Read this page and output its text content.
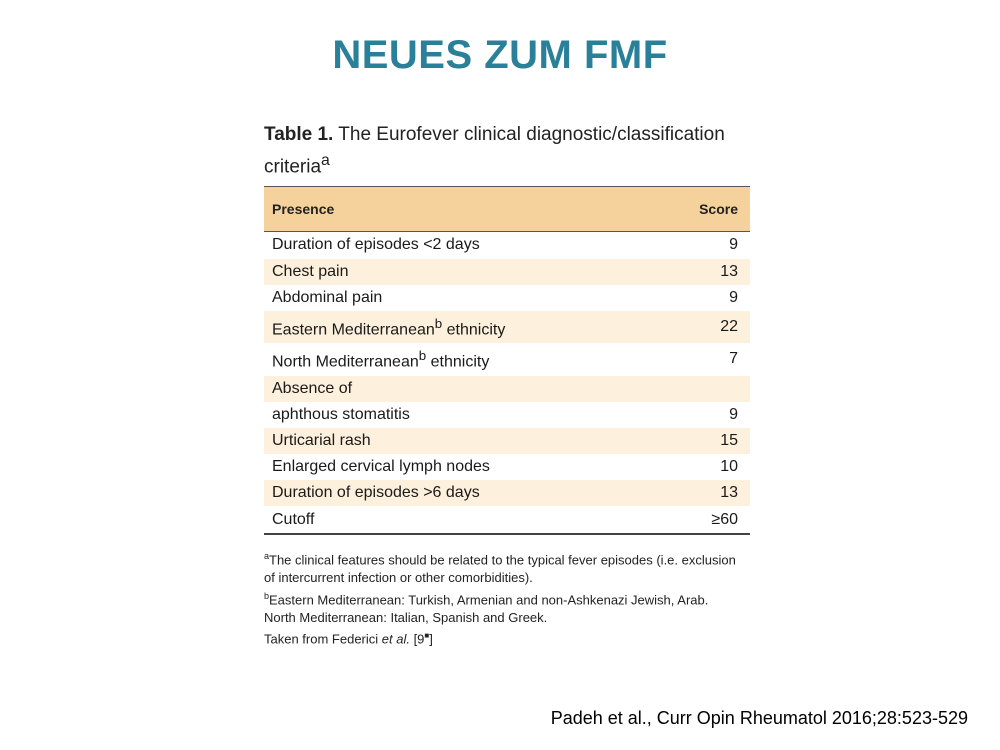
NEUES ZUM FMF
Table 1. The Eurofever clinical diagnostic/classification criteria$^a$
Presence	Score
Duration of episodes <2 days	9
Chest pain	13
Abdominal pain	9
Eastern Mediterranean$^b$ ethnicity	22
North Mediterranean$^b$ ethnicity	7
Absence of	
aphthous stomatitis	9
Urticarial rash	15
Enlarged cervical lymph nodes	10
Duration of episodes >6 days	13
Cutoff	≥60
$^a$The clinical features should be related to the typical fever episodes (i.e. exclusion of intercurrent infection or other comorbidities).
$^b$Eastern Mediterranean: Turkish, Armenian and non-Ashkenazi Jewish, Arab.
North Mediterranean: Italian, Spanish and Greek.
Taken from Federici et al. [9■]
Padeh et al., Curr Opin Rheumatol 2016;28:523-529
